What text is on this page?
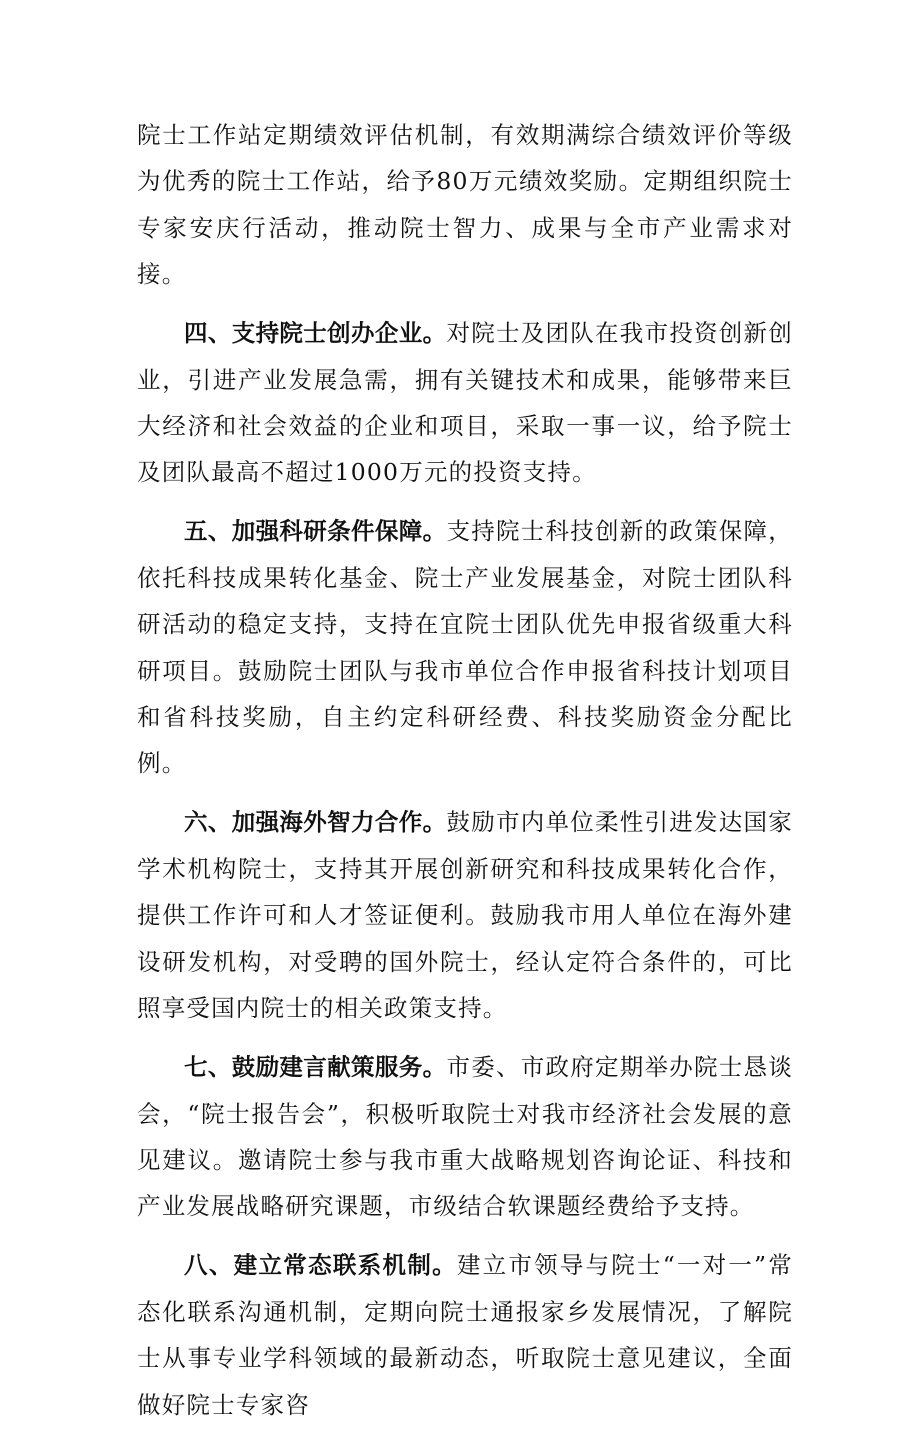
院士工作站定期绩效评估机制，有效期满综合绩效评价等级为优秀的院士工作站，给予80万元绩效奖励。定期组织院士专家安庆行活动，推动院士智力、成果与全市产业需求对接。

四、支持院士创办企业。对院士及团队在我市投资创新创业，引进产业发展急需，拥有关键技术和成果，能够带来巨大经济和社会效益的企业和项目，采取一事一议，给予院士及团队最高不超过1000万元的投资支持。

五、加强科研条件保障。支持院士科技创新的政策保障，依托科技成果转化基金、院士产业发展基金，对院士团队科研活动的稳定支持，支持在宜院士团队优先申报省级重大科研项目。鼓励院士团队与我市单位合作申报省科技计划项目和省科技奖励，自主约定科研经费、科技奖励资金分配比例。

六、加强海外智力合作。鼓励市内单位柔性引进发达国家学术机构院士，支持其开展创新研究和科技成果转化合作，提供工作许可和人才签证便利。鼓励我市用人单位在海外建设研发机构，对受聘的国外院士，经认定符合条件的，可比照享受国内院士的相关政策支持。

七、鼓励建言献策服务。市委、市政府定期举办院士恳谈会，“院士报告会”，积极听取院士对我市经济社会发展的意见建议。邀请院士参与我市重大战略规划咨询论证、科技和产业发展战略研究课题，市级结合软课题经费给予支持。

八、建立常态联系机制。建立市领导与院士“一对一”常态化联系沟通机制，定期向院士通报家乡发展情况，了解院士从事专业学科领域的最新动态，听取院士意见建议，全面做好院士专家咨
